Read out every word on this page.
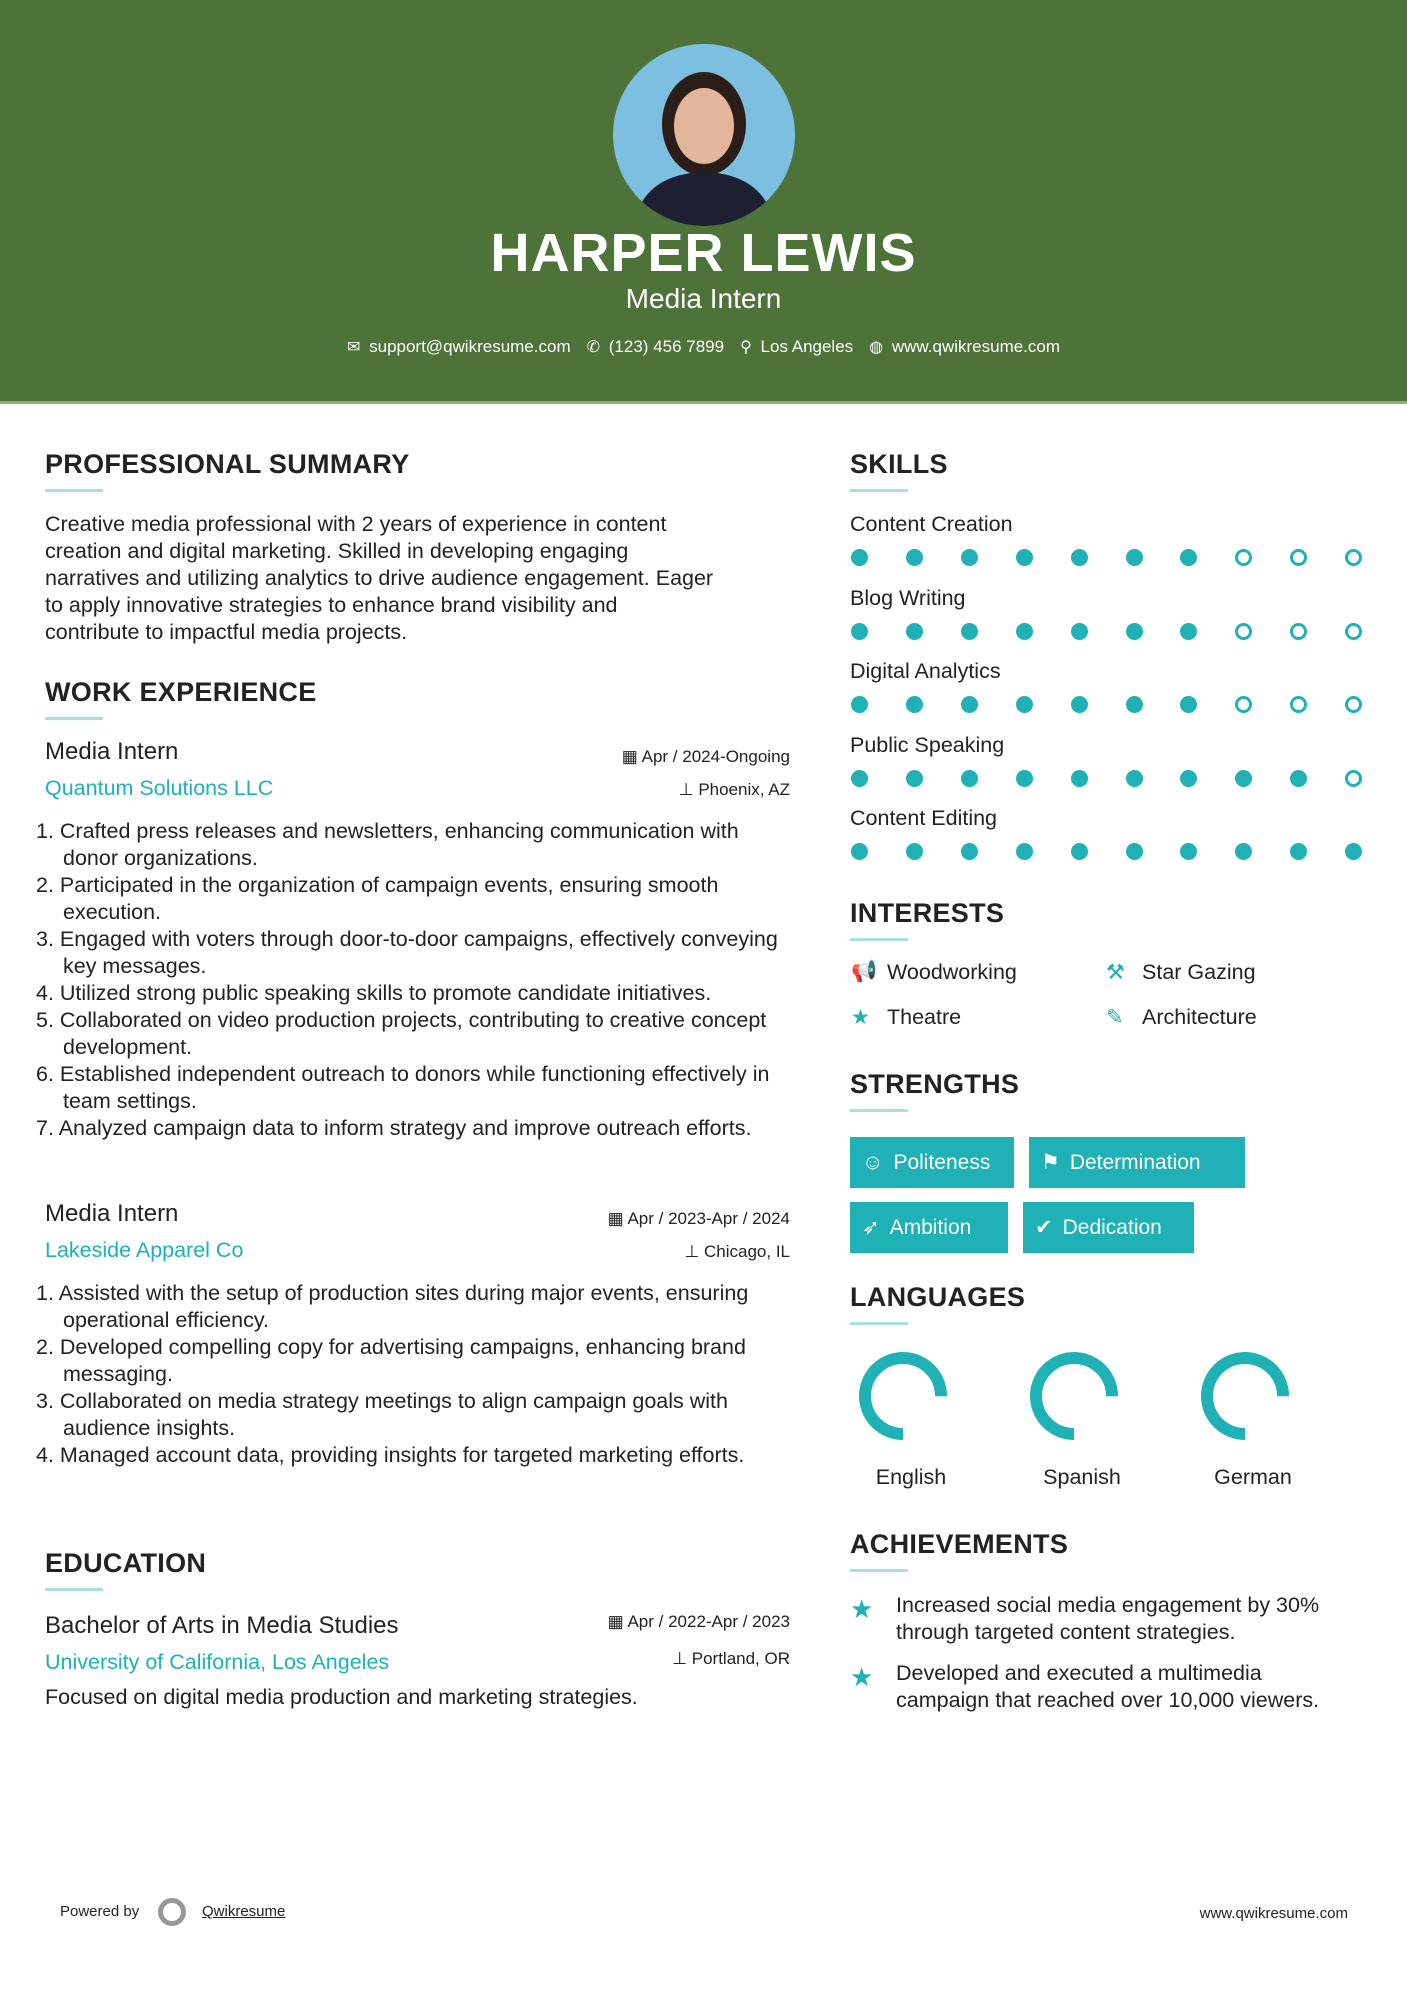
HARPER LEWIS
Media Intern
✉ support@qwikresume.com ✆ (123) 456 7899 ⚲ Los Angeles ◍ www.qwikresume.com
PROFESSIONAL SUMMARY
Creative media professional with 2 years of experience in content
creation and digital marketing. Skilled in developing engaging
narratives and utilizing analytics to drive audience engagement. Eager
to apply innovative strategies to enhance brand visibility and
contribute to impactful media projects.
WORK EXPERIENCE
EDUCATION
Bachelor of Arts in Media Studies
University of California, Los Angeles
▦ Apr / 2022-Apr / 2023
⊥ Portland, OR
Focused on digital media production and marketing strategies.
SKILLS
INTERESTS
STRENGTHS
LANGUAGES
ACHIEVEMENTS
Powered by	Qwikresume	www.qwikresume.com
Media Intern
Quantum Solutions LLC
▦ Apr / 2024-Ongoing
⊥ Phoenix, AZ
1. Crafted press releases and newsletters, enhancing communication with donor organizations.
2. Participated in the organization of campaign events, ensuring smooth execution.
3. Engaged with voters through door-to-door campaigns, effectively conveying key messages.
4. Utilized strong public speaking skills to promote candidate initiatives.
5. Collaborated on video production projects, contributing to creative concept development.
6. Established independent outreach to donors while functioning effectively in team settings.
7. Analyzed campaign data to inform strategy and improve outreach efforts.
Media Intern
Lakeside Apparel Co
▦ Apr / 2023-Apr / 2024
⊥ Chicago, IL
1. Assisted with the setup of production sites during major events, ensuring operational efficiency.
2. Developed compelling copy for advertising campaigns, enhancing brand messaging.
3. Collaborated on media strategy meetings to align campaign goals with audience insights.
4. Managed account data, providing insights for targeted marketing efforts.
Content Creation
Blog Writing
Digital Analytics
Public Speaking
Content Editing
📢 Woodworking	⚒ Star Gazing
★ Theatre	✎ Architecture
☺ Politeness ⚑ Determination
➶ Ambition	✔ Dedication
English	Spanish	German
★ Increased social media engagement by 30%
through targeted content strategies.
★ Developed and executed a multimedia
campaign that reached over 10,000 viewers.
